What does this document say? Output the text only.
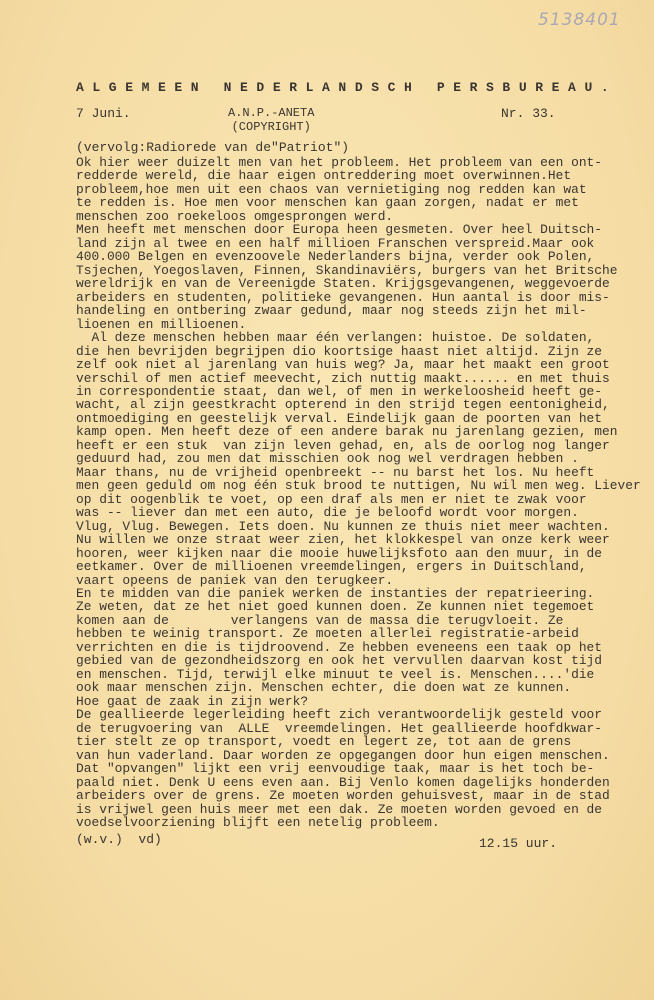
5138401
ALGEMEEN NEDERLANDSCH PERSBUREAU.
7 Juni.	A.N.P.-ANETA
(COPYRIGHT)
Nr. 33.
(vervolg:Radiorede van de"Patriot")
Ok hier weer duizelt men van het probleem. Het probleem van een ont-
redderde wereld, die haar eigen ontreddering moet overwinnen.Het
probleem,hoe men uit een chaos van vernietiging nog redden kan wat
te redden is. Hoe men voor menschen kan gaan zorgen, nadat er met
menschen zoo roekeloos omgesprongen werd.
Men heeft met menschen door Europa heen gesmeten. Over heel Duitsch-
land zijn al twee en een half millioen Franschen verspreid.Maar ook
400.000 Belgen en evenzoovele Nederlanders bijna, verder ook Polen,
Tsjechen, Yoegoslaven, Finnen, Skandinaviërs, burgers van het Britsche
wereldrijk en van de Vereenigde Staten. Krijgsgevangenen, weggevoerde
arbeiders en studenten, politieke gevangenen. Hun aantal is door mis-
handeling en ontbering zwaar gedund, maar nog steeds zijn het mil-
lioenen en millioenen.
Al deze menschen hebben maar één verlangen: huistoe. De soldaten,
die hen bevrijden begrijpen dio koortsige haast niet altijd. Zijn ze
zelf ook niet al jarenlang van huis weg? Ja, maar het maakt een groot
verschil of men actief meevecht, zich nuttig maakt...... en met thuis
in correspondentie staat, dan wel, of men in werkeloosheid heeft ge-
wacht, al zijn geestkracht opterend in den strijd tegen eentonigheid,
ontmoediging en geestelijk verval. Eindelijk gaan de poorten van het
kamp open. Men heeft deze of een andere barak nu jarenlang gezien, men
heeft er een stuk  van zijn leven gehad, en, als de oorlog nog langer
geduurd had, zou men dat misschien ook nog wel verdragen hebben .
Maar thans, nu de vrijheid openbreekt -- nu barst het los. Nu heeft
men geen geduld om nog één stuk brood te nuttigen, Nu wil men weg. Liever
op dit oogenblik te voet, op een draf als men er niet te zwak voor
was -- liever dan met een auto, die je beloofd wordt voor morgen.
Vlug, Vlug. Bewegen. Iets doen. Nu kunnen ze thuis niet meer wachten.
Nu willen we onze straat weer zien, het klokkespel van onze kerk weer
hooren, weer kijken naar die mooie huwelijksfoto aan den muur, in de
eetkamer. Over de millioenen vreemdelingen, ergers in Duitschland,
vaart opeens de paniek van den terugkeer.
En te midden van die paniek werken de instanties der repatrieering.
Ze weten, dat ze het niet goed kunnen doen. Ze kunnen niet tegemoet
komen aan de        verlangens van de massa die terugvloeit. Ze
hebben te weinig transport. Ze moeten allerlei registratie-arbeid
verrichten en die is tijdroovend. Ze hebben eveneens een taak op het
gebied van de gezondheidszorg en ook het vervullen daarvan kost tijd
en menschen. Tijd, terwijl elke minuut te veel is. Menschen....'die
ook maar menschen zijn. Menschen echter, die doen wat ze kunnen.
Hoe gaat de zaak in zijn werk?
De geallieerde legerleiding heeft zich verantwoordelijk gesteld voor
de terugvoering van  ALLE  vreemdelingen. Het geallieerde hoofdkwar-
tier stelt ze op transport, voedt en legert ze, tot aan de grens
van hun vaderland. Daar worden ze opgegangen door hun eigen menschen.
Dat "opvangen" lijkt een vrij eenvoudige taak, maar is het toch be-
paald niet. Denk U eens even aan. Bij Venlo komen dagelijks honderden
arbeiders over de grens. Ze moeten worden gehuisvest, maar in de stad
is vrijwel geen huis meer met een dak. Ze moeten worden gevoed en de
voedselvoorziening blijft een netelig probleem.
(w.v.)  vd)	12.15 uur.
